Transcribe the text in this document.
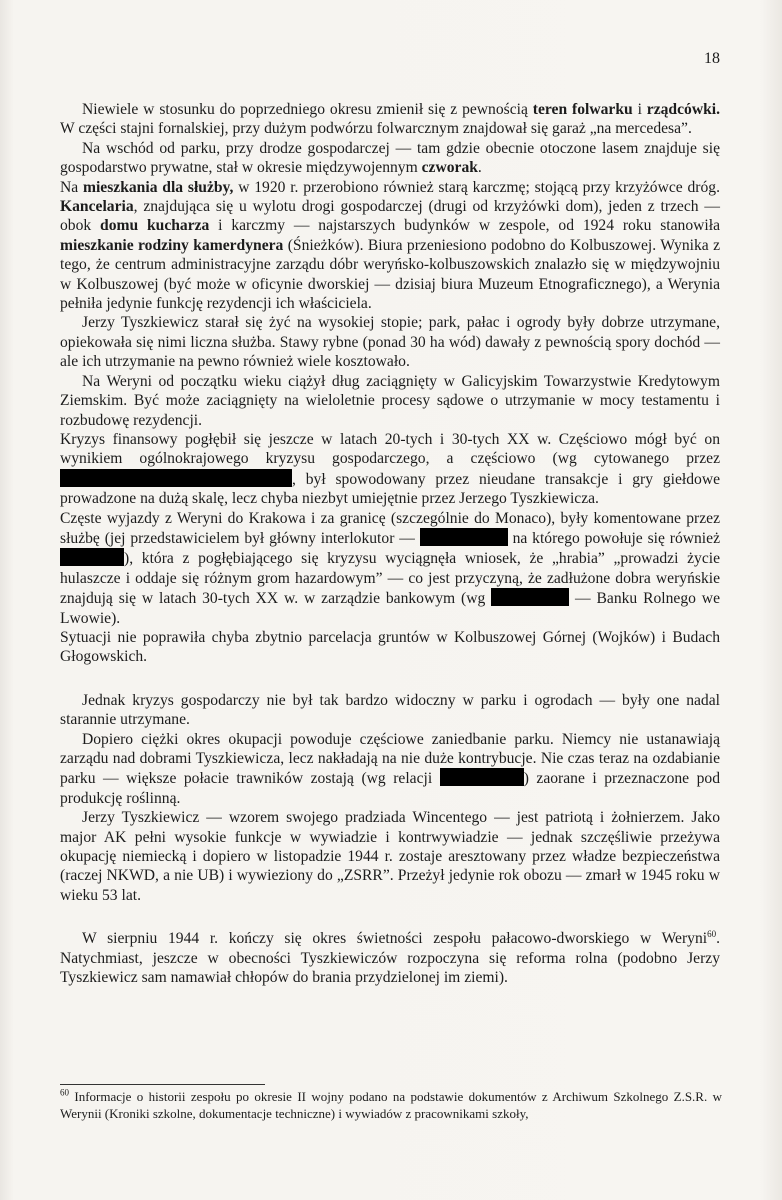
18

Niewiele w stosunku do poprzedniego okresu zmienił się z pewnością teren folwarku i rządcówki. W części stajni fornalskiej, przy dużym podwórzu folwarcznym znajdował się garaż „na mercedesa”.

Na wschód od parku, przy drodze gospodarczej — tam gdzie obecnie otoczone lasem znajduje się gospodarstwo prywatne, stał w okresie międzywojennym czworak.

Na mieszkania dla służby, w 1920 r. przerobiono również starą karczmę; stojącą przy krzyżówce dróg. Kancelaria, znajdująca się u wylotu drogi gospodarczej (drugi od krzyżówki dom), jeden z trzech — obok domu kucharza i karczmy — najstarszych budynków w zespole, od 1924 roku stanowiła mieszkanie rodziny kamerdynera (Śnieżków). Biura przeniesiono podobno do Kolbuszowej. Wynika z tego, że centrum administracyjne zarządu dóbr weryńsko-kolbuszowskich znalazło się w międzywojniu w Kolbuszowej (być może w oficynie dworskiej — dzisiaj biura Muzeum Etnograficznego), a Werynia pełniła jedynie funkcję rezydencji ich właściciela.

Jerzy Tyszkiewicz starał się żyć na wysokiej stopie; park, pałac i ogrody były dobrze utrzymane, opiekowała się nimi liczna służba. Stawy rybne (ponad 30 ha wód) dawały z pewnością spory dochód — ale ich utrzymanie na pewno również wiele kosztowało.

Na Weryni od początku wieku ciążył dług zaciągnięty w Galicyjskim Towarzystwie Kredytowym Ziemskim. Być może zaciągnięty na wieloletnie procesy sądowe o utrzymanie w mocy testamentu i rozbudowę rezydencji.

Kryzys finansowy pogłębił się jeszcze w latach 20-tych i 30-tych XX w. Częściowo mógł być on wynikiem ogólnokrajowego kryzysu gospodarczego, a częściowo (wg cytowanego przez , był spowodowany przez nieudane transakcje i gry giełdowe prowadzone na dużą skalę, lecz chyba niezbyt umiejętnie przez Jerzego Tyszkiewicza.

Częste wyjazdy z Weryni do Krakowa i za granicę (szczególnie do Monaco), były komentowane przez służbę (jej przedstawicielem był główny interlokutor —	na którego powołuje się również ), która z pogłębiającego się kryzysu wyciągnęła wniosek, że „hrabia” „prowadzi życie hulaszcze i oddaje się różnym grom hazardowym” — co jest przyczyną, że zadłużone dobra weryńskie znajdują się w latach 30-tych XX w. w zarządzie bankowym (wg	— Banku Rolnego we Lwowie).

Sytuacji nie poprawiła chyba zbytnio parcelacja gruntów w Kolbuszowej Górnej (Wojków) i Budach Głogowskich.

Jednak kryzys gospodarczy nie był tak bardzo widoczny w parku i ogrodach — były one nadal starannie utrzymane.

Dopiero ciężki okres okupacji powoduje częściowe zaniedbanie parku. Niemcy nie ustanawiają zarządu nad dobrami Tyszkiewicza, lecz nakładają na nie duże kontrybucje. Nie czas teraz na ozdabianie parku — większe połacie trawników zostają (wg relacji	) zaorane i przeznaczone pod produkcję roślinną.

Jerzy Tyszkiewicz — wzorem swojego pradziada Wincentego — jest patriotą i żołnierzem. Jako major AK pełni wysokie funkcje w wywiadzie i kontrwywiadzie — jednak szczęśliwie przeżywa okupację niemiecką i dopiero w listopadzie 1944 r. zostaje aresztowany przez władze bezpieczeństwa (raczej NKWD, a nie UB) i wywieziony do „ZSRR”. Przeżył jedynie rok obozu — zmarł w 1945 roku w wieku 53 lat.

W sierpniu 1944 r. kończy się okres świetności zespołu pałacowo-dworskiego w Weryni$^{60}$. Natychmiast, jeszcze w obecności Tyszkiewiczów rozpoczyna się reforma rolna (podobno Jerzy Tyszkiewicz sam namawiał chłopów do brania przydzielonej im ziemi).

$^{60}$ Informacje o historii zespołu po okresie II wojny podano na podstawie dokumentów z Archiwum Szkolnego Z.S.R. w Werynii (Kroniki szkolne, dokumentacje techniczne) i wywiadów z pracownikami szkoły,
